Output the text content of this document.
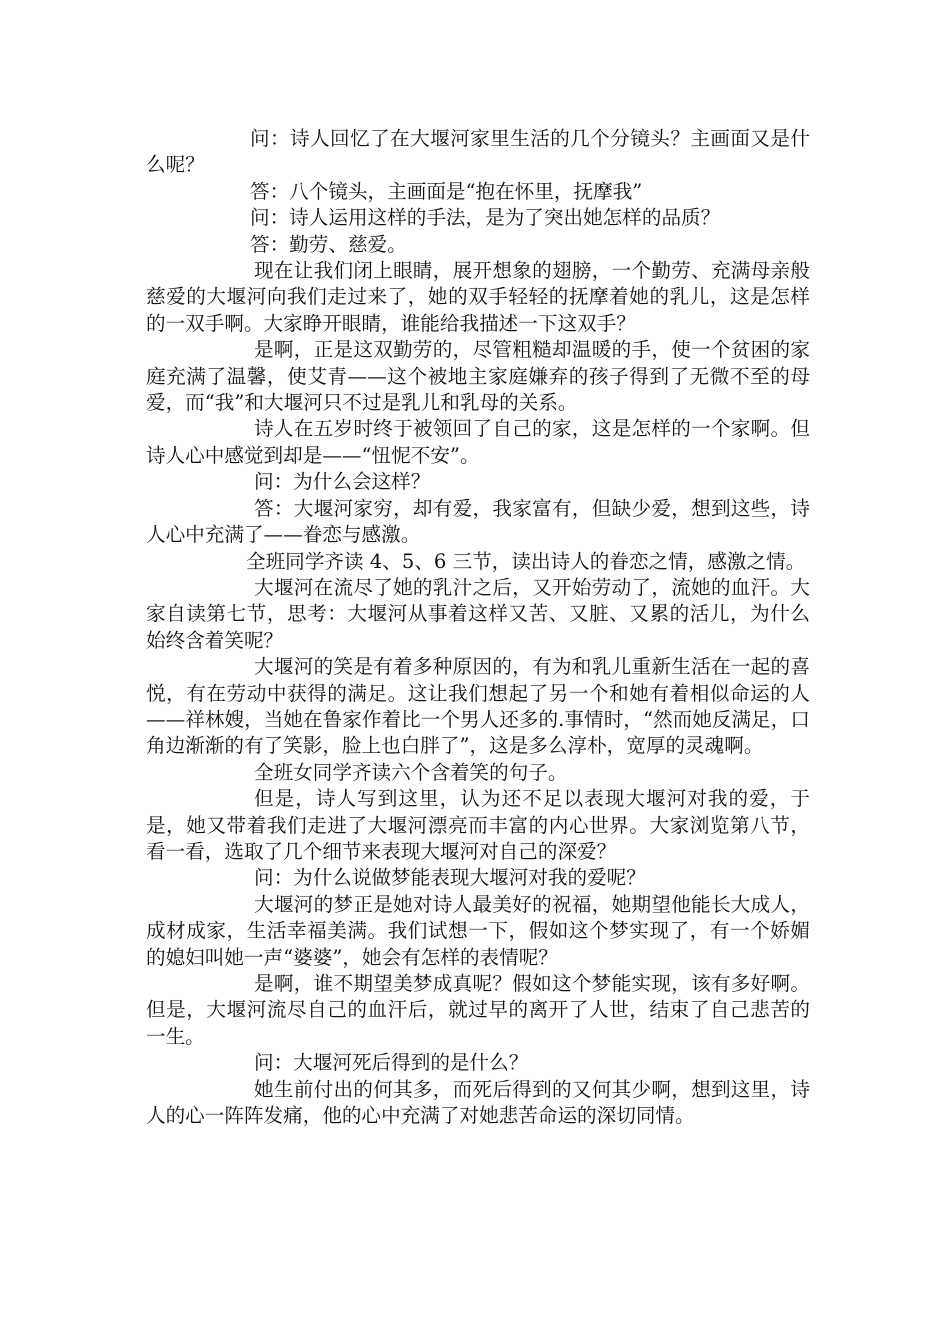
问：诗人回忆了在大堰河家里生活的几个分镜头？主画面又是什么呢？

答：八个镜头，主画面是“抱在怀里，抚摩我”

问：诗人运用这样的手法，是为了突出她怎样的品质？

答：勤劳、慈爱。

现在让我们闭上眼睛，展开想象的翅膀，一个勤劳、充满母亲般慈爱的大堰河向我们走过来了，她的双手轻轻的抚摩着她的乳儿，这是怎样的一双手啊。大家睁开眼睛，谁能给我描述一下这双手？

是啊，正是这双勤劳的，尽管粗糙却温暖的手，使一个贫困的家庭充满了温馨，使艾青——这个被地主家庭嫌弃的孩子得到了无微不至的母爱，而“我”和大堰河只不过是乳儿和乳母的关系。

诗人在五岁时终于被领回了自己的家，这是怎样的一个家啊。但诗人心中感觉到却是——“忸怩不安”。

问：为什么会这样？

答：大堰河家穷，却有爱，我家富有，但缺少爱，想到这些，诗人心中充满了——眷恋与感激。

全班同学齐读 4、5、6 三节，读出诗人的眷恋之情，感激之情。

大堰河在流尽了她的乳汁之后，又开始劳动了，流她的血汗。大家自读第七节，思考：大堰河从事着这样又苦、又脏、又累的活儿，为什么始终含着笑呢？

大堰河的笑是有着多种原因的，有为和乳儿重新生活在一起的喜悦，有在劳动中获得的满足。这让我们想起了另一个和她有着相似命运的人——祥林嫂，当她在鲁家作着比一个男人还多的.事情时，“然而她反满足，口角边渐渐的有了笑影，脸上也白胖了”，这是多么淳朴，宽厚的灵魂啊。

全班女同学齐读六个含着笑的句子。

但是，诗人写到这里，认为还不足以表现大堰河对我的爱，于是，她又带着我们走进了大堰河漂亮而丰富的内心世界。大家浏览第八节，看一看，选取了几个细节来表现大堰河对自己的深爱？

问：为什么说做梦能表现大堰河对我的爱呢？

大堰河的梦正是她对诗人最美好的祝福，她期望他能长大成人，成材成家，生活幸福美满。我们试想一下，假如这个梦实现了，有一个娇媚的媳妇叫她一声“婆婆”，她会有怎样的表情呢？

是啊，谁不期望美梦成真呢？假如这个梦能实现，该有多好啊。但是，大堰河流尽自己的血汗后，就过早的离开了人世，结束了自己悲苦的一生。

问：大堰河死后得到的是什么？

她生前付出的何其多，而死后得到的又何其少啊，想到这里，诗人的心一阵阵发痛，他的心中充满了对她悲苦命运的深切同情。
